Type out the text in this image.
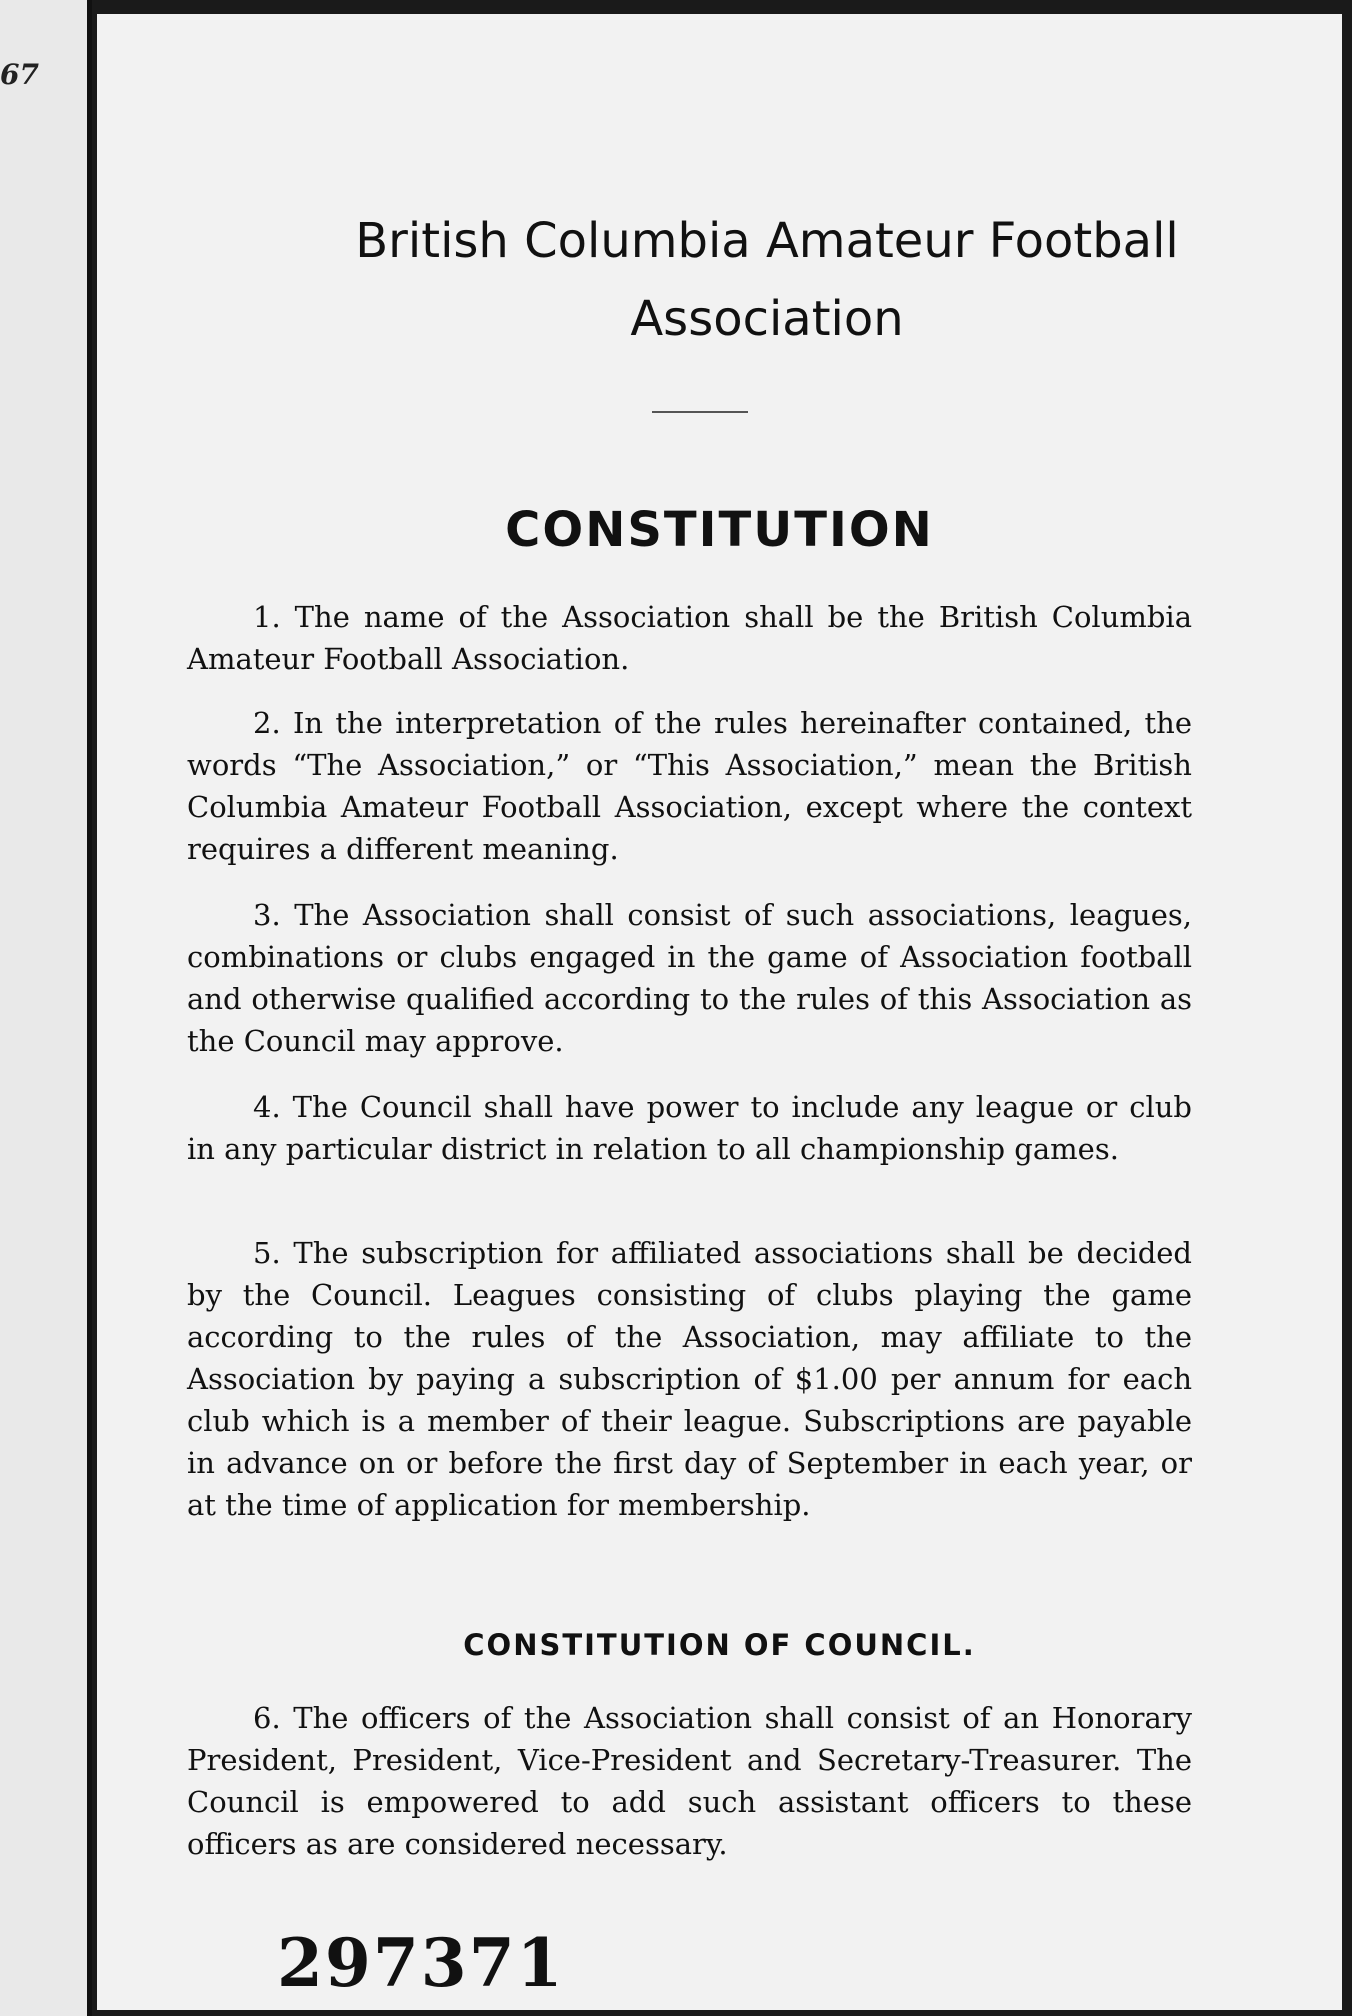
67
British Columbia Amateur Football Association
CONSTITUTION

1. The name of the Association shall be the British Columbia Amateur Football Association.

2. In the interpretation of the rules hereinafter contained, the words “The Association,” or “This Association,” mean the British Columbia Amateur Football Association, except where the context requires a different meaning.

3. The Association shall consist of such associations, leagues, combinations or clubs engaged in the game of Association football and otherwise qualified according to the rules of this Association as the Council may approve.

4. The Council shall have power to include any league or club in any particular district in relation to all championship games.

5. The subscription for affiliated associations shall be decided by the Council. Leagues consisting of clubs playing the game according to the rules of the Association, may affiliate to the Association by paying a subscription of $1.00 per annum for each club which is a member of their league. Subscriptions are payable in advance on or before the first day of September in each year, or at the time of application for membership.

CONSTITUTION OF COUNCIL.

6. The officers of the Association shall consist of an Honorary President, President, Vice-President and Secretary-Treasurer. The Council is empowered to add such assistant officers to these officers as are considered necessary.

297371
